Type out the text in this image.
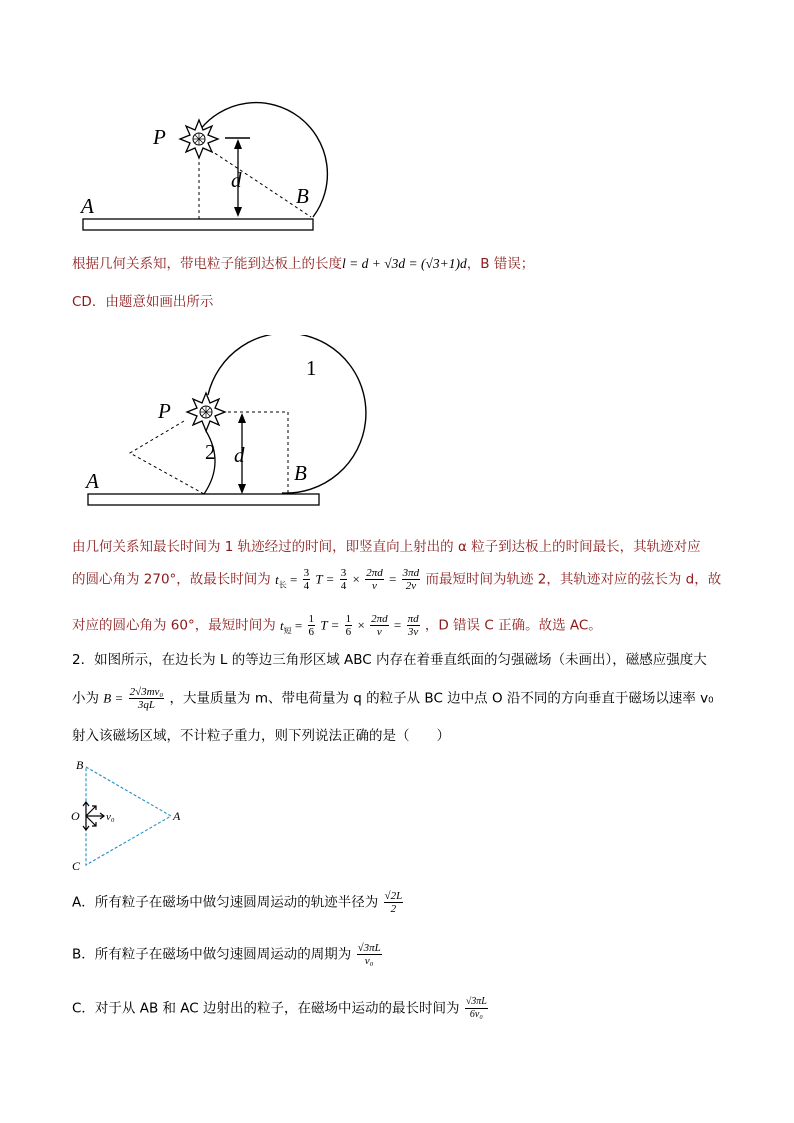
P
d
B
A
根据几何关系知，带电粒子能到达板上的长度l = d + √3d = (√3+1)d，B 错误；
CD．由题意如画出所示
P
1
2 d
B
A
由几何关系知最长时间为 1 轨迹经过的时间，即竖直向上射出的 α 粒子到达板上的时间最长，其轨迹对应
的圆心角为 270°，故最长时间为 $t_长 = \frac{3}{4}$ $T = \frac{3}{4} \times \frac{2\pi d}{v} = \frac{3\pi d}{2v}$ 而最短时间为轨迹 2，其轨迹对应的弦长为 d，故
对应的圆心角为 60°，最短时间为 $t_短 = \frac{1}{6}$ $T = \frac{1}{6} \times \frac{2\pi d}{v} = \frac{\pi d}{3v}$ ，D 错误 C 正确。故选 AC。
2．如图所示，在边长为 L 的等边三角形区域 ABC 内存在着垂直纸面的匀强磁场（未画出），磁感应强度大
小为 $B = \frac{\text{2√3mv₀}}{3qL}$ ，大量质量为 m、带电荷量为 q 的粒子从 BC 边中点 O 沿不同的方向垂直于磁场以速率 v₀
射入该磁场区域，不计粒子重力，则下列说法正确的是（　　）
B
O v₀	A
C
A．所有粒子在磁场中做匀速圆周运动的轨迹半径为 $\frac{√2L}{2}$
B．所有粒子在磁场中做匀速圆周运动的周期为 $\frac{√3\pi L}{\text{v₀}}$
C．对于从 AB 和 AC 边射出的粒子，在磁场中运动的最长时间为 $\frac{√3\pi L}{\text{6v₀}}$
